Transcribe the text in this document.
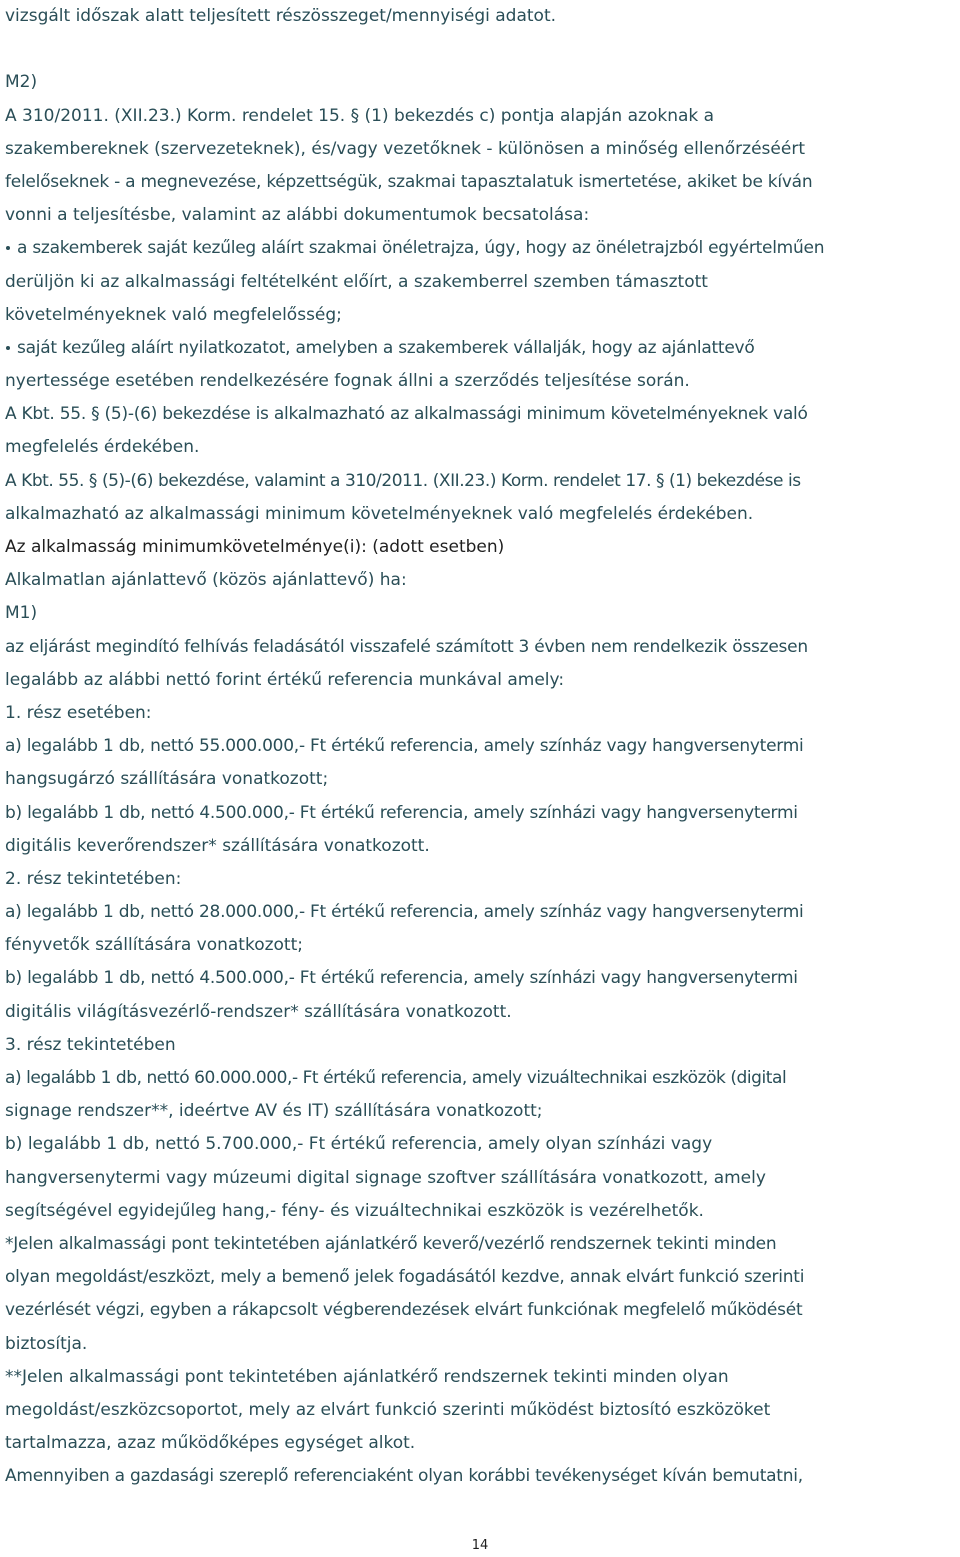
vizsgált időszak alatt teljesített részösszeget/mennyiségi adatot.
M2)
A 310/2011. (XII.23.) Korm. rendelet 15. § (1) bekezdés c) pontja alapján azoknak a
szakembereknek (szervezeteknek), és/vagy vezetőknek - különösen a minőség ellenőrzéséért
felelőseknek - a megnevezése, képzettségük, szakmai tapasztalatuk ismertetése, akiket be kíván
vonni a teljesítésbe, valamint az alábbi dokumentumok becsatolása:
a szakemberek saját kezűleg aláírt szakmai önéletrajza, úgy, hogy az önéletrajzból egyértelműen
derüljön ki az alkalmassági feltételként előírt, a szakemberrel szemben támasztott
követelményeknek való megfelelősség;
saját kezűleg aláírt nyilatkozatot, amelyben a szakemberek vállalják, hogy az ajánlattevő
nyertessége esetében rendelkezésére fognak állni a szerződés teljesítése során.
A Kbt. 55. § (5)-(6) bekezdése is alkalmazható az alkalmassági minimum követelményeknek való
megfelelés érdekében.
A Kbt. 55. § (5)-(6) bekezdése, valamint a 310/2011. (XII.23.) Korm. rendelet 17. § (1) bekezdése is
alkalmazható az alkalmassági minimum követelményeknek való megfelelés érdekében.
Az alkalmasság minimumkövetelménye(i): (adott esetben)
Alkalmatlan ajánlattevő (közös ajánlattevő) ha:
M1)
az eljárást megindító felhívás feladásától visszafelé számított 3 évben nem rendelkezik összesen
legalább az alábbi nettó forint értékű referencia munkával amely:
1. rész esetében:
a) legalább 1 db, nettó 55.000.000,- Ft értékű referencia, amely színház vagy hangversenytermi
hangsugárzó szállítására vonatkozott;
b) legalább 1 db, nettó 4.500.000,- Ft értékű referencia, amely színházi vagy hangversenytermi
digitális keverőrendszer* szállítására vonatkozott.
2. rész tekintetében:
a) legalább 1 db, nettó 28.000.000,- Ft értékű referencia, amely színház vagy hangversenytermi
fényvetők szállítására vonatkozott;
b) legalább 1 db, nettó 4.500.000,- Ft értékű referencia, amely színházi vagy hangversenytermi
digitális világításvezérlő-rendszer* szállítására vonatkozott.
3. rész tekintetében
a) legalább 1 db, nettó 60.000.000,- Ft értékű referencia, amely vizuáltechnikai eszközök (digital
signage rendszer**, ideértve AV és IT) szállítására vonatkozott;
b) legalább 1 db, nettó 5.700.000,- Ft értékű referencia, amely olyan színházi vagy
hangversenytermi vagy múzeumi digital signage szoftver szállítására vonatkozott, amely
segítségével egyidejűleg hang,- fény- és vizuáltechnikai eszközök is vezérelhetők.
*Jelen alkalmassági pont tekintetében ajánlatkérő keverő/vezérlő rendszernek tekinti minden
olyan megoldást/eszközt, mely a bemenő jelek fogadásától kezdve, annak elvárt funkció szerinti
vezérlését végzi, egyben a rákapcsolt végberendezések elvárt funkciónak megfelelő működését
biztosítja.
**Jelen alkalmassági pont tekintetében ajánlatkérő rendszernek tekinti minden olyan
megoldást/eszközcsoportot, mely az elvárt funkció szerinti működést biztosító eszközöket
tartalmazza, azaz működőképes egységet alkot.
Amennyiben a gazdasági szereplő referenciaként olyan korábbi tevékenységet kíván bemutatni,
14
